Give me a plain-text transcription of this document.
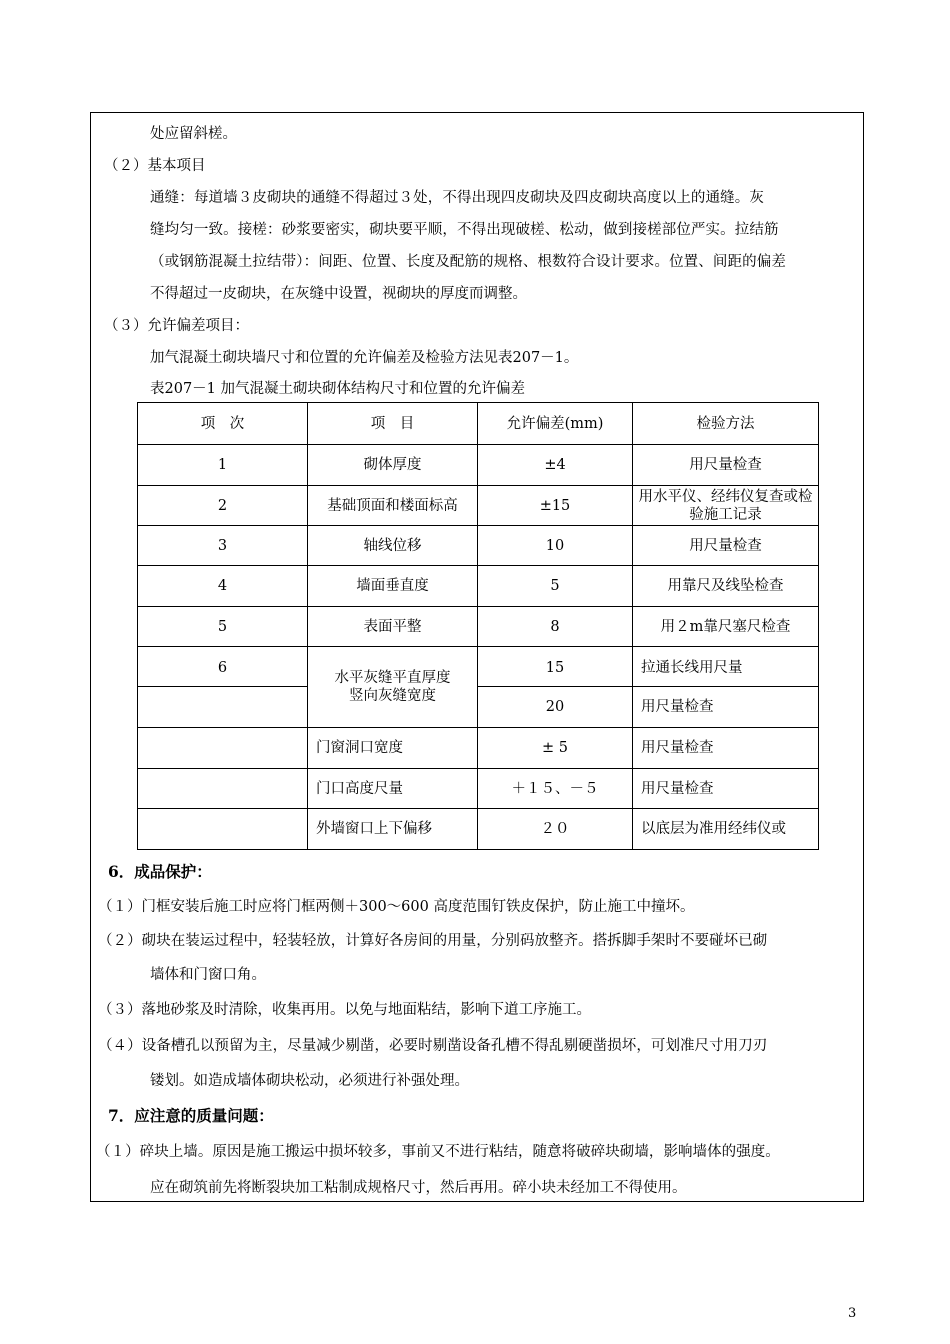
处应留斜槎。
（２）基本项目
通缝：每道墙３皮砌块的通缝不得超过３处，不得出现四皮砌块及四皮砌块高度以上的通缝。灰
缝均匀一致。接槎：砂浆要密实，砌块要平顺，不得出现破槎、松动，做到接槎部位严实。拉结筋
（或钢筋混凝土拉结带）：间距、位置、长度及配筋的规格、根数符合设计要求。位置、间距的偏差
不得超过一皮砌块，在灰缝中设置，视砌块的厚度而调整。
（３）允许偏差项目：
加气混凝土砌块墙尺寸和位置的允许偏差及检验方法见表207－1。
表207－1 加气混凝土砌块砌体结构尺寸和位置的允许偏差
项　次	项　目	允许偏差(mm)	检验方法
1	砌体厚度	±4	用尺量检查
2	基础顶面和楼面标高	±15	用水平仪、经纬仪复查或检验施工记录
3	轴线位移	10	用尺量检查
4	墙面垂直度	5	用靠尺及线坠检查
5	表面平整	8	用２m靠尺塞尺检查
6	水平灰缝平直厚度
竖向灰缝宽度	15	拉通长线用尺量
		20	用尺量检查
	门窗洞口宽度	± 5	用尺量检查
	门口高度尺量	＋１５、－５	用尺量检查
	外墙窗口上下偏移	２０	以底层为准用经纬仪或
6．成品保护：
（１）门框安装后施工时应将门框两侧＋300～600 高度范围钉铁皮保护，防止施工中撞坏。
（２）砌块在装运过程中，轻装轻放，计算好各房间的用量，分别码放整齐。搭拆脚手架时不要碰坏已砌
墙体和门窗口角。
（３）落地砂浆及时清除，收集再用。以免与地面粘结，影响下道工序施工。
（４）设备槽孔以预留为主，尽量减少剔凿，必要时剔凿设备孔槽不得乱剔硬凿损坏，可划准尺寸用刀刃
镂划。如造成墙体砌块松动，必须进行补强处理。
7．应注意的质量问题：
（１）碎块上墙。原因是施工搬运中损坏较多，事前又不进行粘结，随意将破碎块砌墙，影响墙体的强度。
应在砌筑前先将断裂块加工粘制成规格尺寸，然后再用。碎小块未经加工不得使用。
3
